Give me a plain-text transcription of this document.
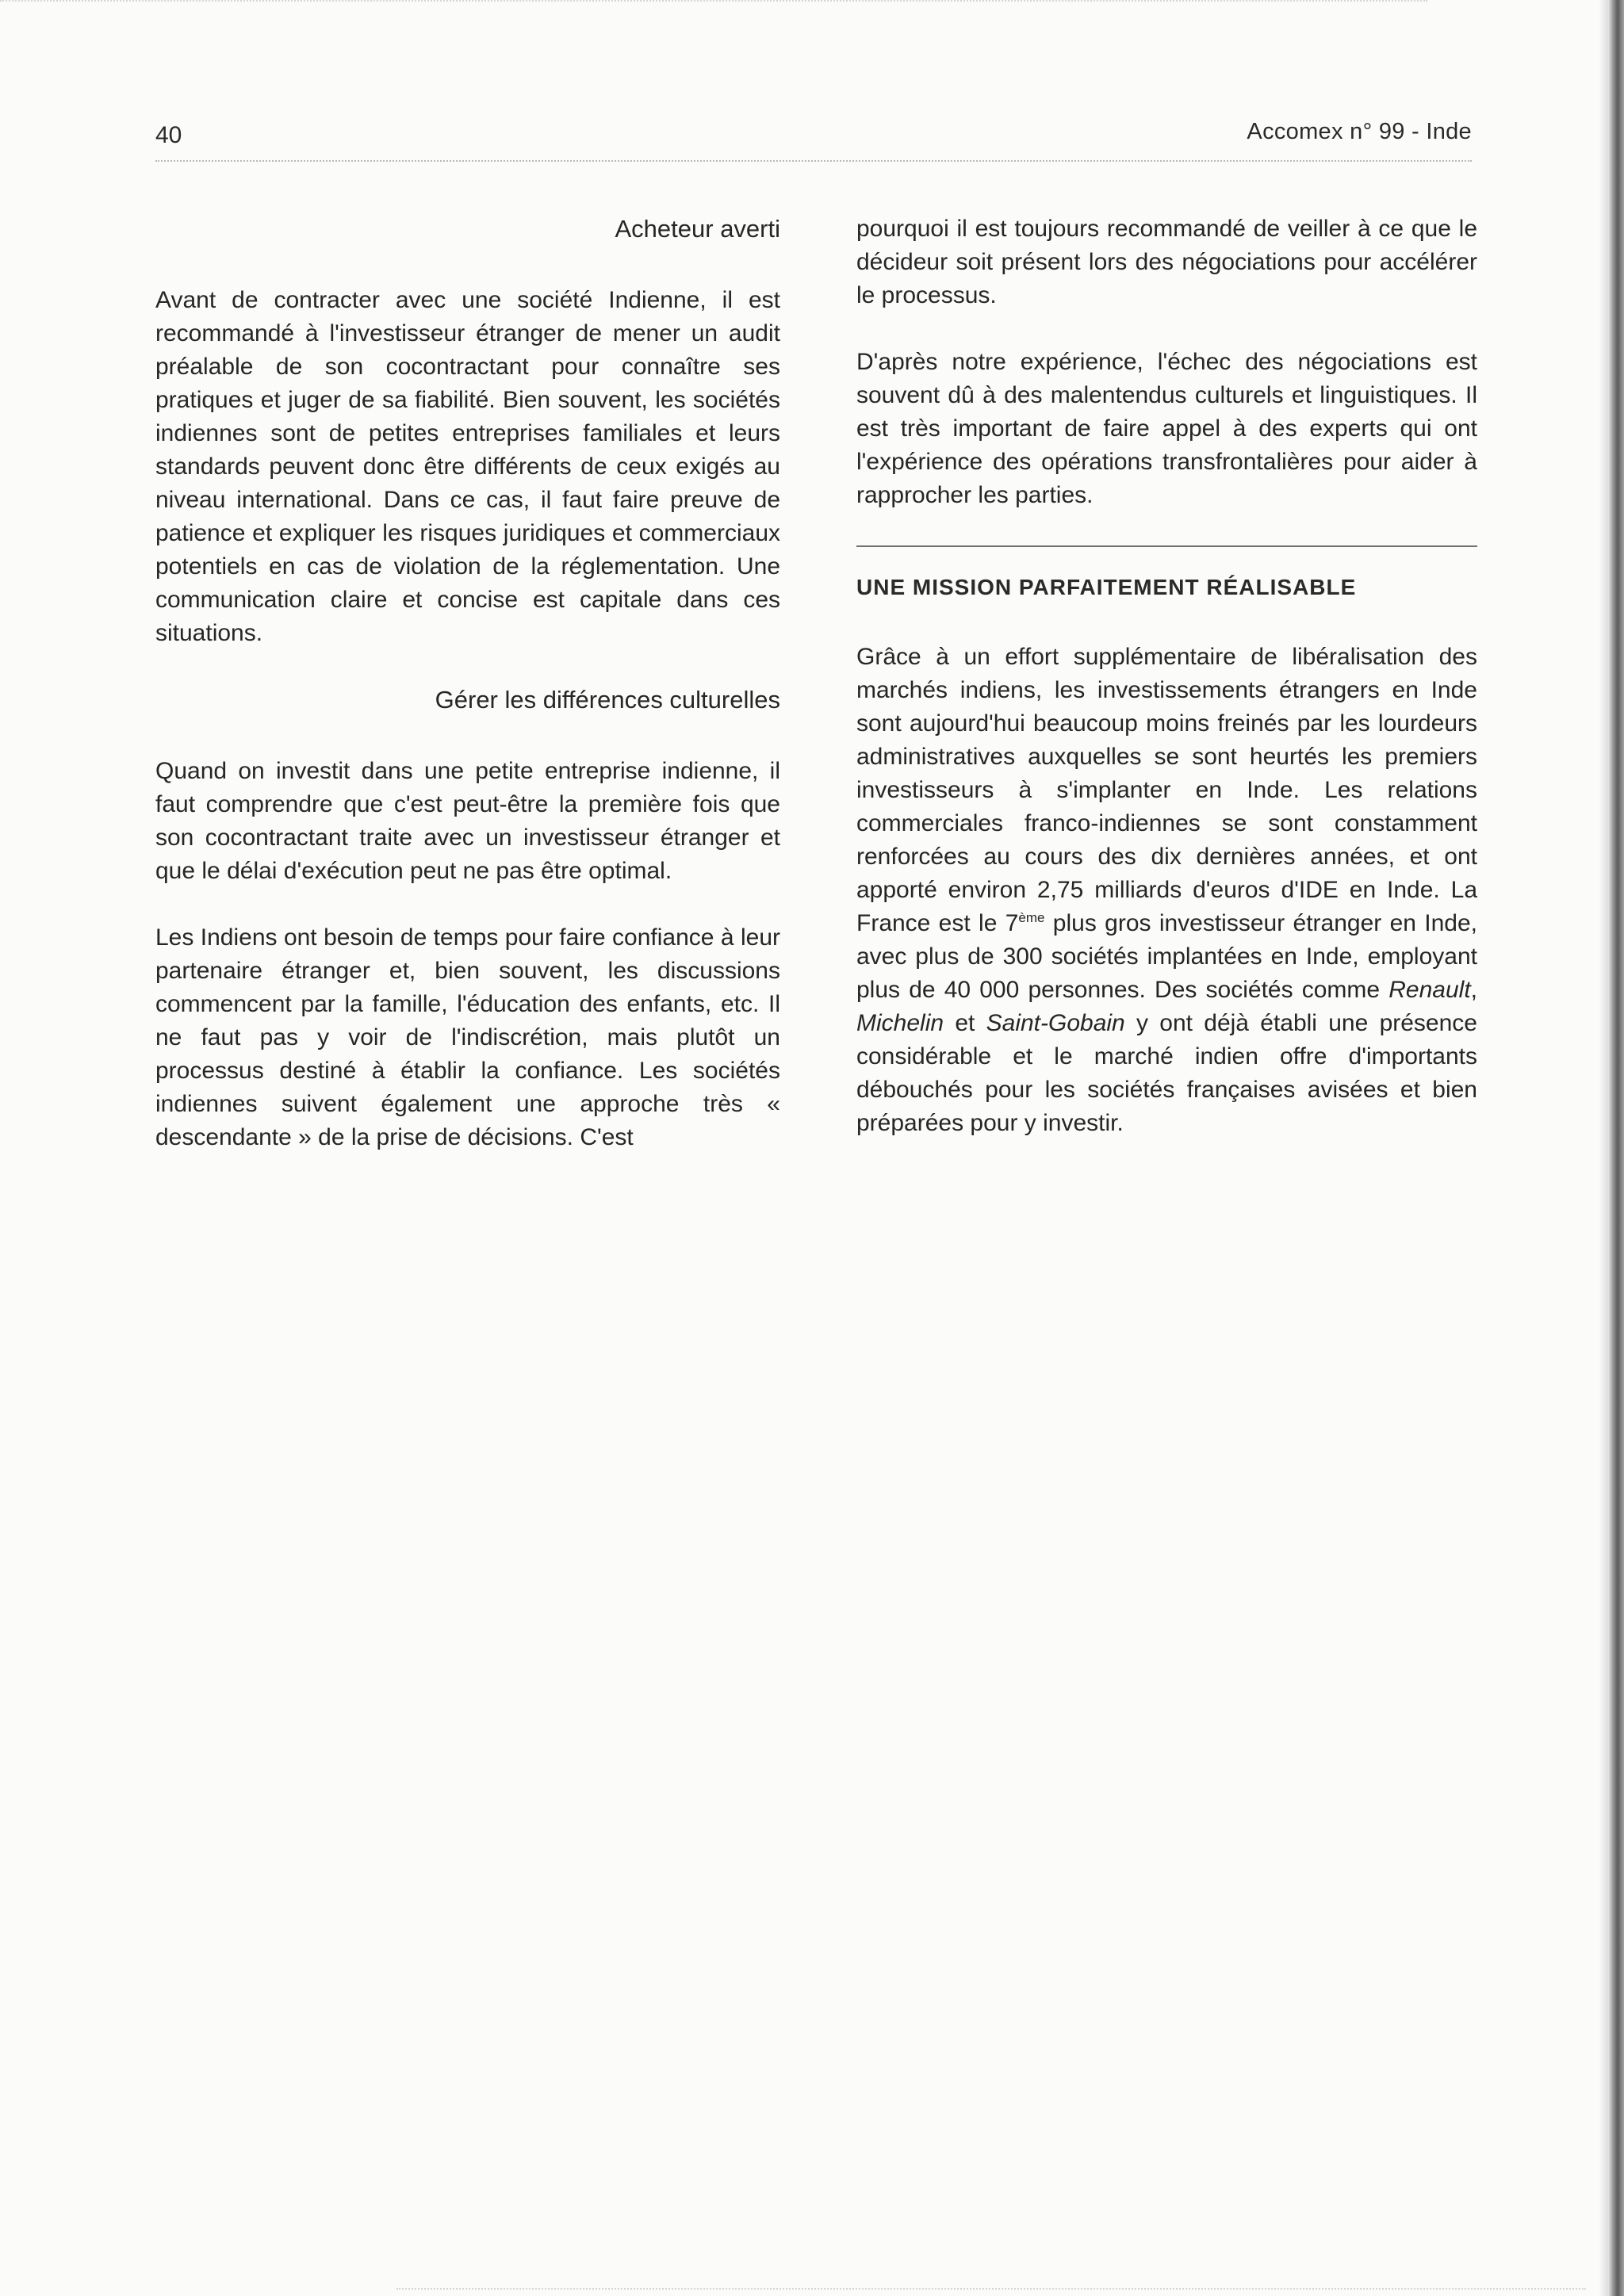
40	Accomex n° 99 - Inde
Acheteur averti

Avant de contracter avec une société Indienne, il est recommandé à l'investisseur étranger de mener un audit préalable de son cocontractant pour connaître ses pratiques et juger de sa fiabilité. Bien souvent, les sociétés indiennes sont de petites entreprises familiales et leurs standards peuvent donc être différents de ceux exigés au niveau international. Dans ce cas, il faut faire preuve de patience et expliquer les risques juridiques et commerciaux potentiels en cas de violation de la réglementation. Une communication claire et concise est capitale dans ces situations.

Gérer les différences culturelles

Quand on investit dans une petite entreprise indienne, il faut comprendre que c'est peut-être la première fois que son cocontractant traite avec un investisseur étranger et que le délai d'exécution peut ne pas être optimal.

Les Indiens ont besoin de temps pour faire confiance à leur partenaire étranger et, bien souvent, les discussions commencent par la famille, l'éducation des enfants, etc. Il ne faut pas y voir de l'indiscrétion, mais plutôt un processus destiné à établir la confiance. Les sociétés indiennes suivent également une approche très « descendante » de la prise de décisions. C'est

pourquoi il est toujours recommandé de veiller à ce que le décideur soit présent lors des négociations pour accélérer le processus.

D'après notre expérience, l'échec des négociations est souvent dû à des malentendus culturels et linguistiques. Il est très important de faire appel à des experts qui ont l'expérience des opérations transfrontalières pour aider à rapprocher les parties.

UNE MISSION PARFAITEMENT RÉALISABLE

Grâce à un effort supplémentaire de libéralisation des marchés indiens, les investissements étrangers en Inde sont aujourd'hui beaucoup moins freinés par les lourdeurs administratives auxquelles se sont heurtés les premiers investisseurs à s'implanter en Inde. Les relations commerciales franco-indiennes se sont constamment renforcées au cours des dix dernières années, et ont apporté environ 2,75 milliards d'euros d'IDE en Inde. La France est le 7ème plus gros investisseur étranger en Inde, avec plus de 300 sociétés implantées en Inde, employant plus de 40 000 personnes. Des sociétés comme Renault, Michelin et Saint-Gobain y ont déjà établi une présence considérable et le marché indien offre d'importants débouchés pour les sociétés françaises avisées et bien préparées pour y investir.
